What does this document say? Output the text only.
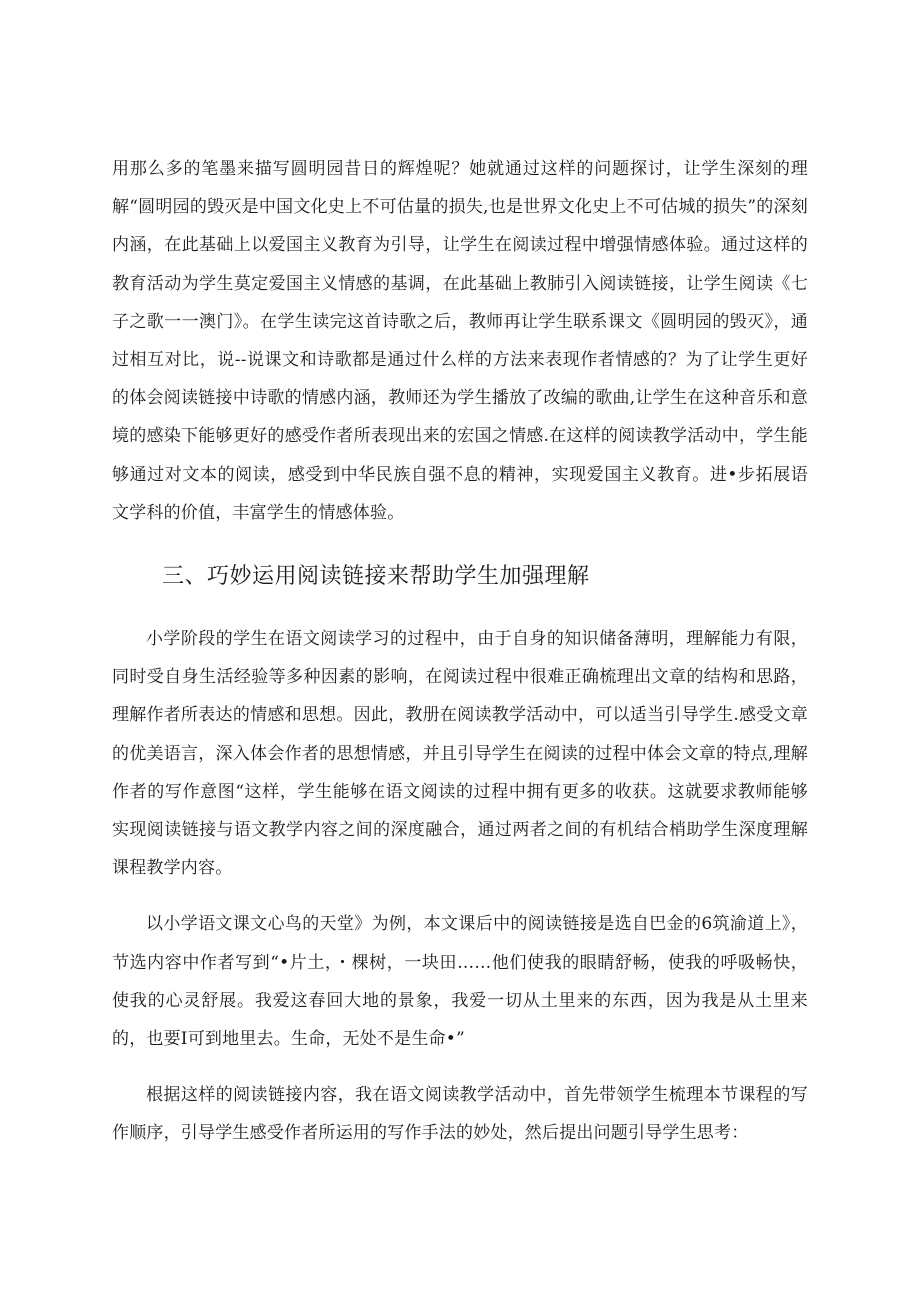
用那么多的笔墨来描写圆明园昔日的辉煌呢？她就通过这样的问题探讨，让学生深刻的理解“圆明园的毁灭是中国文化史上不可估量的损失,也是世界文化史上不可估城的损失”的深刻内涵，在此基础上以爱国主义教育为引导，让学生在阅读过程中增强情感体验。通过这样的教育活动为学生莫定爱国主义情感的基调，在此基础上教肺引入阅读链接，让学生阅读《七子之歌一一澳门》。在学生读完这首诗歌之后，教师再让学生联系课文《圆明园的毁灭》，通过相互对比，说--说课文和诗歌都是通过什么样的方法来表现作者情感的？为了让学生更好的体会阅读链接中诗歌的情感内涵，教师还为学生播放了改编的歌曲,让学生在这种音乐和意境的感染下能够更好的感受作者所表现出来的宏国之情感.在这样的阅读教学活动中，学生能够通过对文本的阅读，感受到中华民族自强不息的精神，实现爱国主义教育。进•步拓展语文学科的价值，丰富学生的情感体验。

三、巧妙运用阅读链接来帮助学生加强理解

小学阶段的学生在语文阅读学习的过程中，由于自身的知识储备薄明，理解能力有限，同时受自身生活经验等多种因素的影响，在阅读过程中很难正确梳理出文章的结构和思路，理解作者所表达的情感和思想。因此，教册在阅读教学活动中，可以适当引导学生.感受文章的优美语言，深入体会作者的思想情感，并且引导学生在阅读的过程中体会文章的特点,理解作者的写作意图“这样，学生能够在语文阅读的过程中拥有更多的收获。这就要求教师能够实现阅读链接与语文教学内容之间的深度融合，通过两者之间的有机结合梢助学生深度理解课程教学内容。

以小学语文课文心鸟的天堂》为例，本文课后中的阅读链接是选自巴金的6筑渝道上》，节选内容中作者写到“•片土，・棵树，一块田……他们使我的眼睛舒畅，使我的呼吸畅快，使我的心灵舒展。我爱这春回大地的景象，我爱一切从土里来的东西，因为我是从土里来的，也要I可到地里去。生命，无处不是生命•”

根据这样的阅读链接内容，我在语文阅读教学活动中，首先带领学生梳理本节课程的写作顺序，引导学生感受作者所运用的写作手法的妙处，然后提出问题引导学生思考：
